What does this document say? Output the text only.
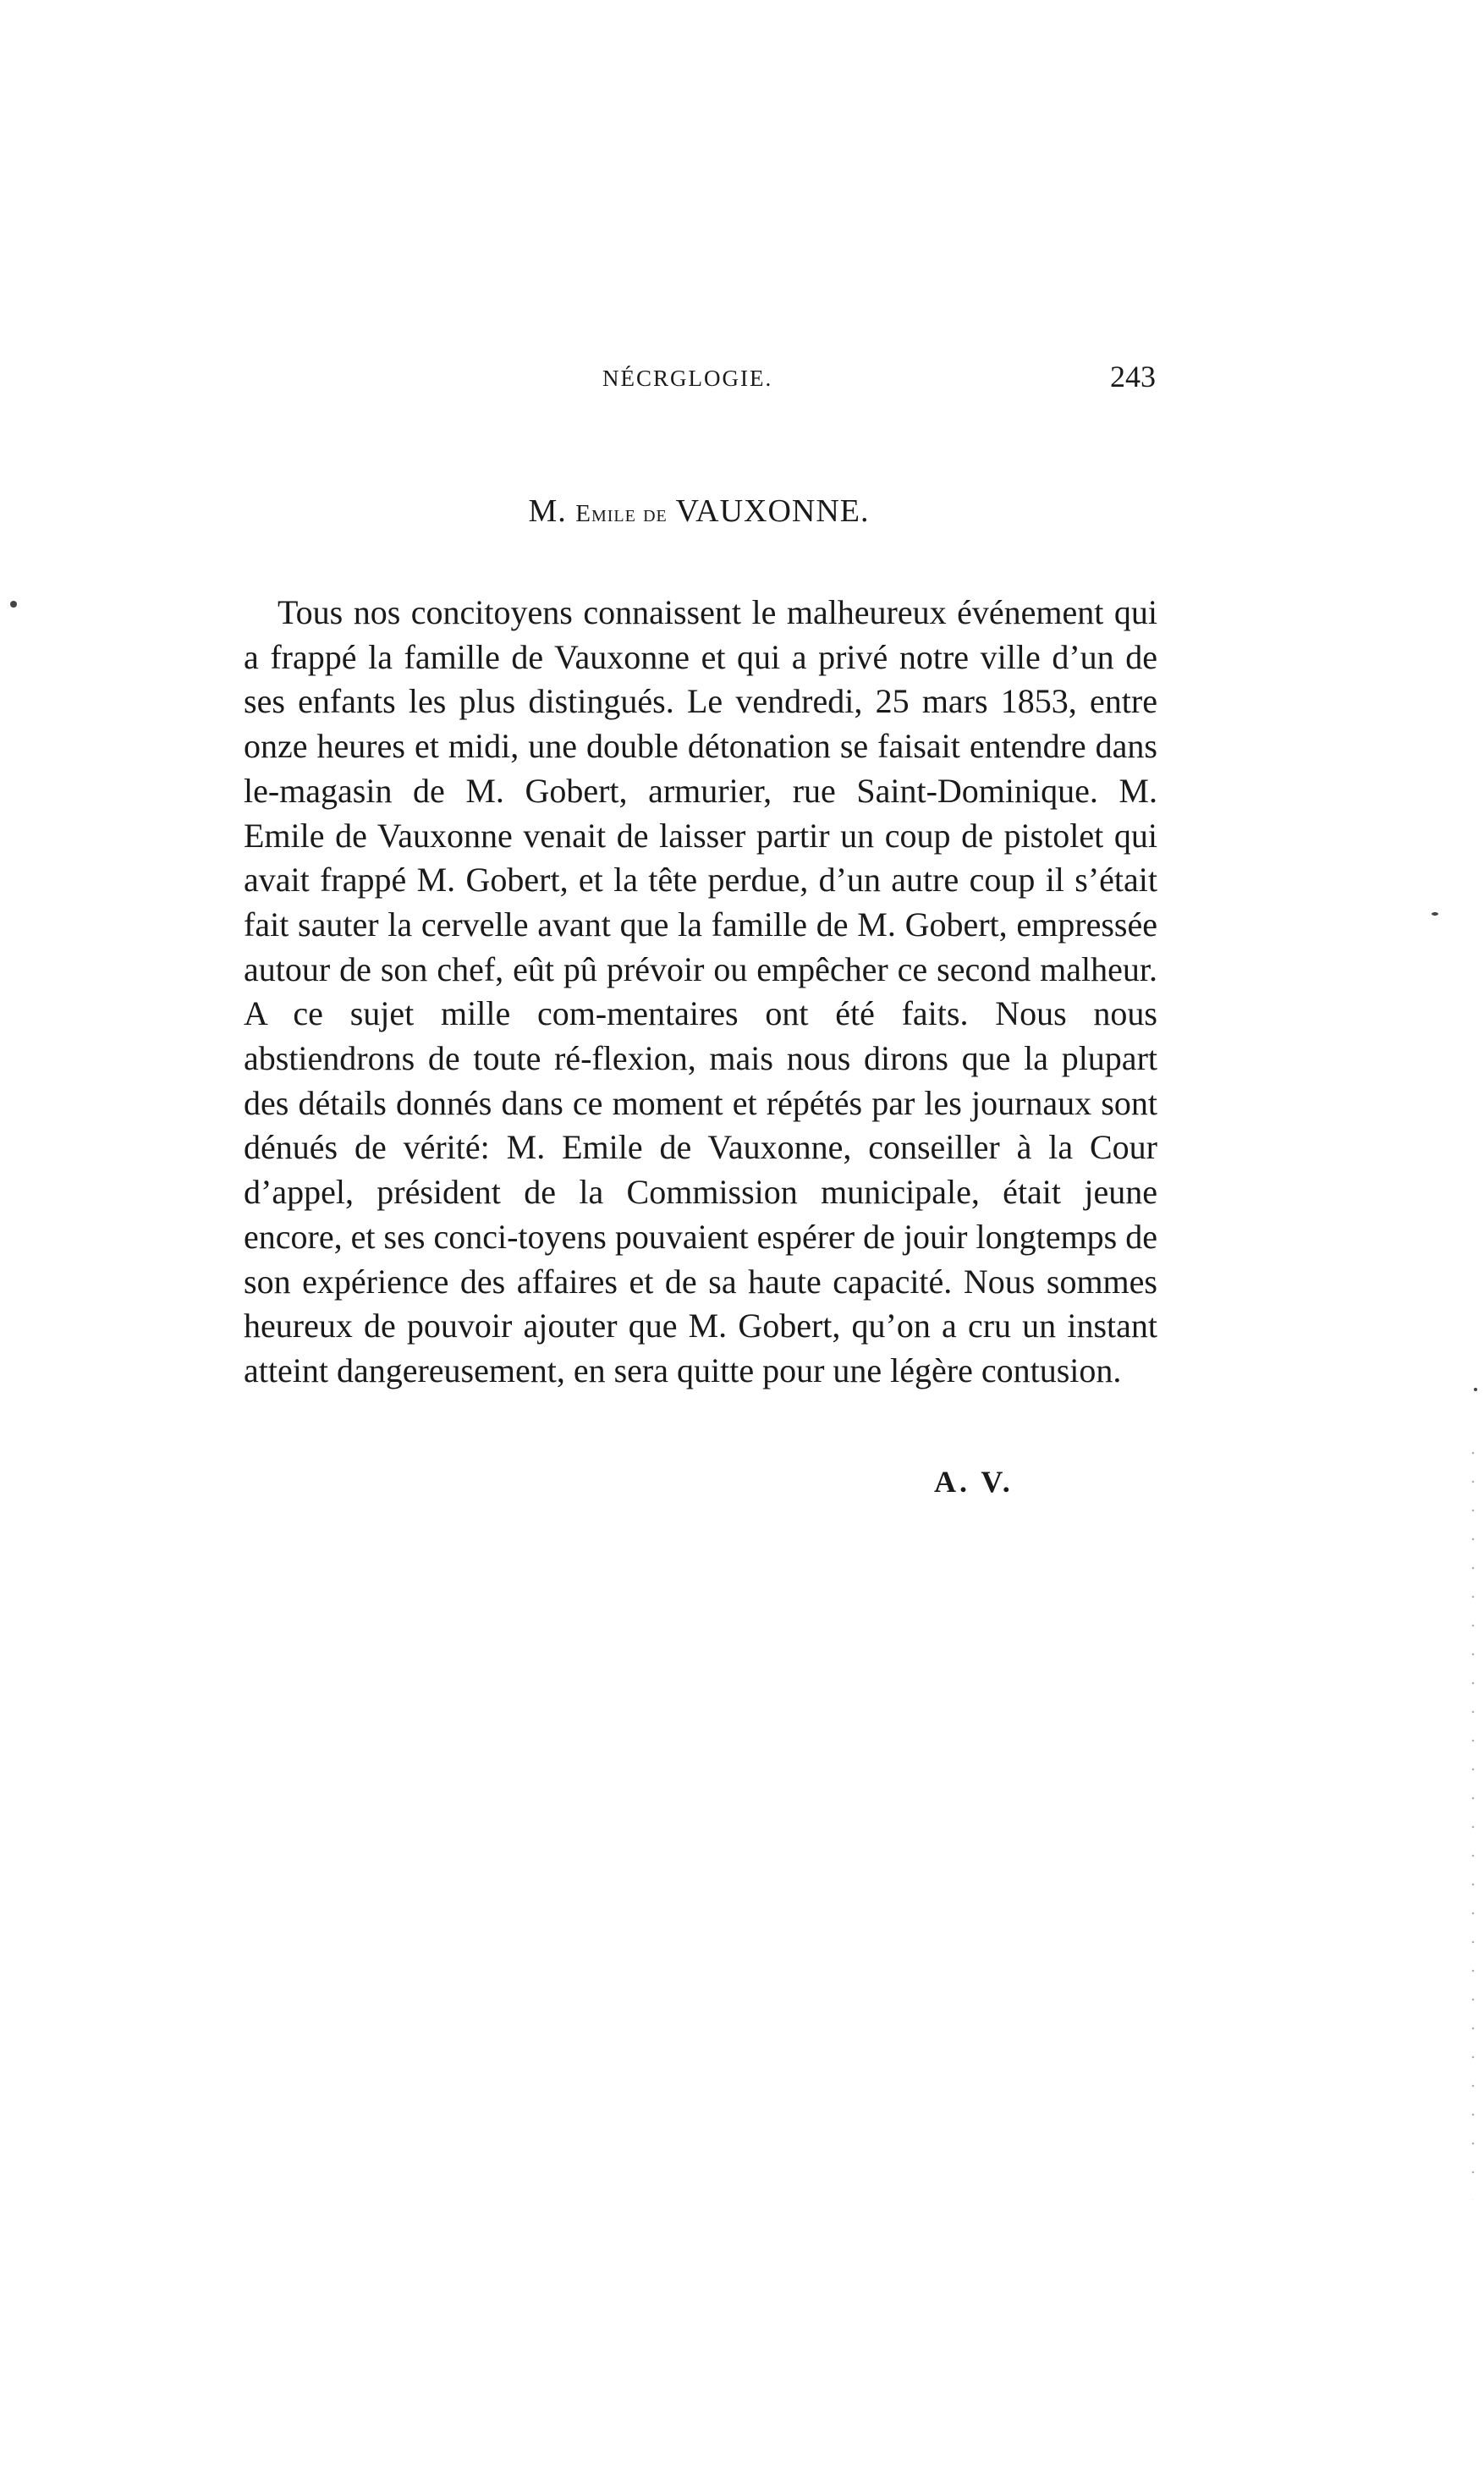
NÉCRGLOGIE.	243
M. Emile de VAUXONNE.

Tous nos concitoyens connaissent le malheureux événement qui a frappé la famille de Vauxonne et qui a privé notre ville d’un de ses enfants les plus distingués. Le vendredi, 25 mars 1853, entre onze heures et midi, une double détonation se faisait entendre dans le-magasin de M. Gobert, armurier, rue Saint-Dominique. M. Emile de Vauxonne venait de laisser partir un coup de pistolet qui avait frappé M. Gobert, et la tête perdue, d’un autre coup il s’était fait sauter la cervelle avant que la famille de M. Gobert, empressée autour de son chef, eût pû prévoir ou empêcher ce second malheur. A ce sujet mille com-mentaires ont été faits. Nous nous abstiendrons de toute ré-flexion, mais nous dirons que la plupart des détails donnés dans ce moment et répétés par les journaux sont dénués de vérité: M. Emile de Vauxonne, conseiller à la Cour d’appel, président de la Commission municipale, était jeune encore, et ses conci-toyens pouvaient espérer de jouir longtemps de son expérience des affaires et de sa haute capacité. Nous sommes heureux de pouvoir ajouter que M. Gobert, qu’on a cru un instant atteint dangereusement, en sera quitte pour une légère contusion.

A. V.
